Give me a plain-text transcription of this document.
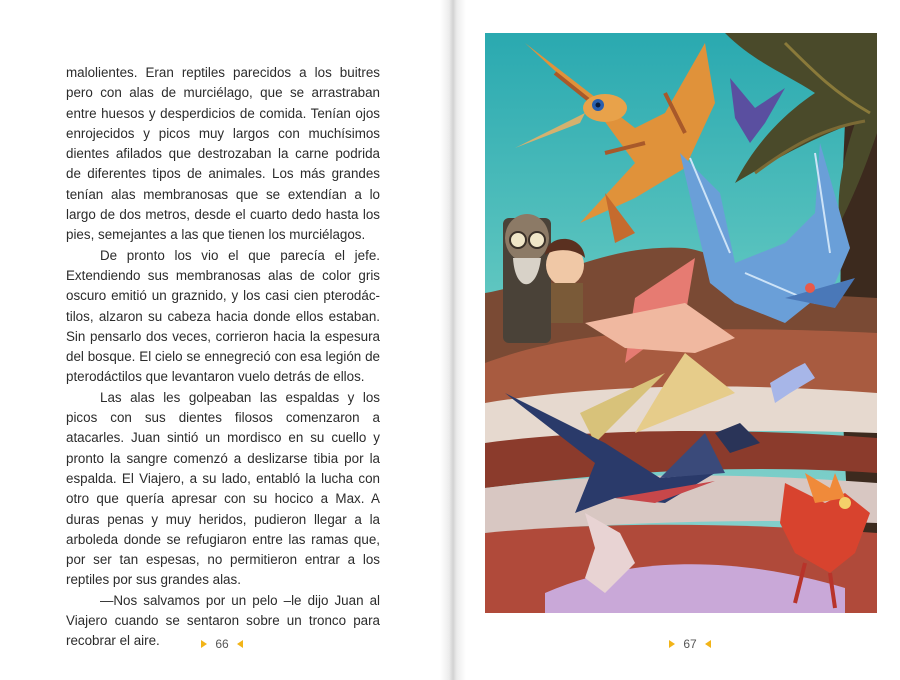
malolientes. Eran reptiles parecidos a los buitres pero con alas de murciélago, que se arrastraban entre huesos y desperdicios de comida. Tenían ojos enrojecidos y picos muy largos con muchísimos dientes afilados que destrozaban la carne podrida de diferentes tipos de animales. Los más grandes tenían alas membranosas que se extendían a lo largo de dos metros, desde el cuarto dedo hasta los pies, semejantes a las que tienen los murciélagos.

De pronto los vio el que parecía el jefe. Extendiendo sus membranosas alas de color gris oscuro emitió un graznido, y los casi cien pterodáctilos, alzaron su cabeza hacia donde ellos estaban. Sin pensarlo dos veces, corrieron hacia la espesura del bosque. El cielo se ennegreció con esa legión de pterodáctilos que levantaron vuelo detrás de ellos.

Las alas les golpeaban las espaldas y los picos con sus dientes filosos comenzaron a atacarles. Juan sintió un mordisco en su cuello y pronto la sangre comenzó a deslizarse tibia por la espalda. El Viajero, a su lado, entabló la lucha con otro que quería apresar con su hocico a Max. A duras penas y muy heridos, pudieron llegar a la arboleda donde se refugiaron entre las ramas que, por ser tan espesas, no permitieron entrar a los reptiles por sus grandes alas.

—Nos salvamos por un pelo –le dijo Juan al Viajero cuando se sentaron sobre un tronco para recobrar el aire.	66	67
